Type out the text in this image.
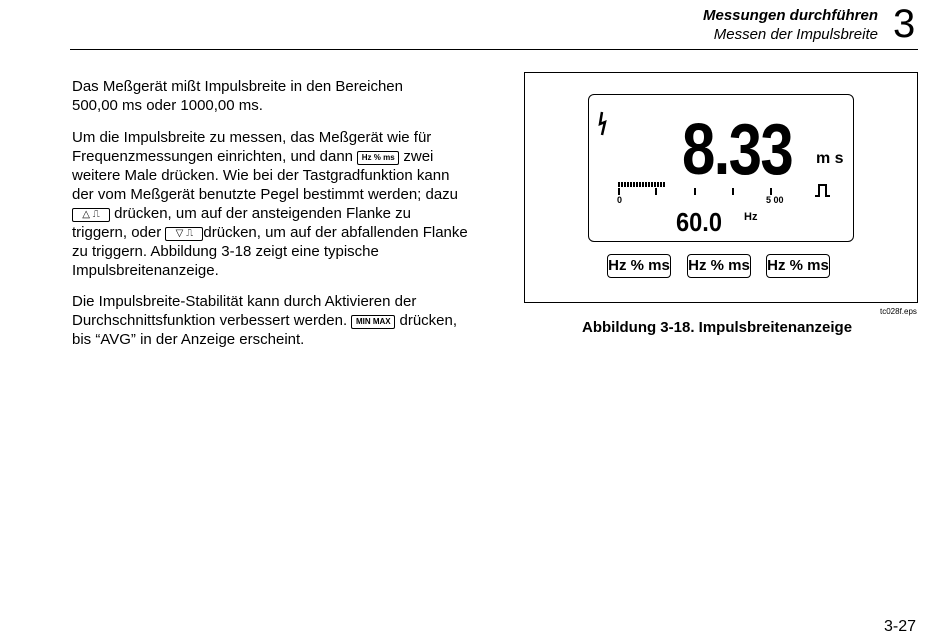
Messungen durchführen
Messen der Impulsbreite 3
Das Meßgerät mißt Impulsbreite in den Bereichen 500,00 ms oder 1000,00 ms.
Um die Impulsbreite zu messen, das Meßgerät wie für Frequenzmessungen einrichten, und dann Hz % ms zwei weitere Male drücken. Wie bei der Tastgradfunktion kann der vom Meßgerät benutzte Pegel bestimmt werden; dazu △ ⎍ drücken, um auf der ansteigenden Flanke zu triggern, oder ▽ ⎍ drücken, um auf der abfallenden Flanke zu triggern. Abbildung 3-18 zeigt eine typische Impulsbreitenanzeige.
Die Impulsbreite-Stabilität kann durch Aktivieren der Durchschnittsfunktion verbessert werden. MIN MAX drücken, bis “AVG” in der Anzeige erscheint.
8.33 m s
0	5 00
60.0 Hz
Hz % ms Hz % ms Hz % ms
tc028f.eps
Abbildung 3-18. Impulsbreitenanzeige
3-27
